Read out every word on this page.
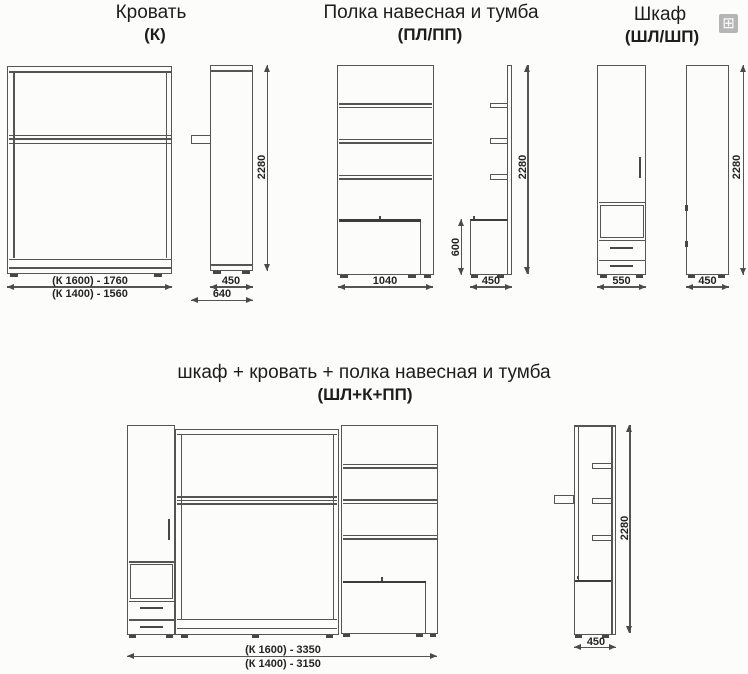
Кровать
(К)
(К 1600) - 1760
(К 1400) - 1560
450
640
2280
Полка навесная и тумба
(ПЛ/ПП)
1040
600
450
2280
Шкаф
(ШЛ/ШП)
550	450
2280
⊞
шкаф + кровать + полка навесная и тумба
(ШЛ+К+ПП)
(К 1600) - 3350
(К 1400) - 3150
450
2280
